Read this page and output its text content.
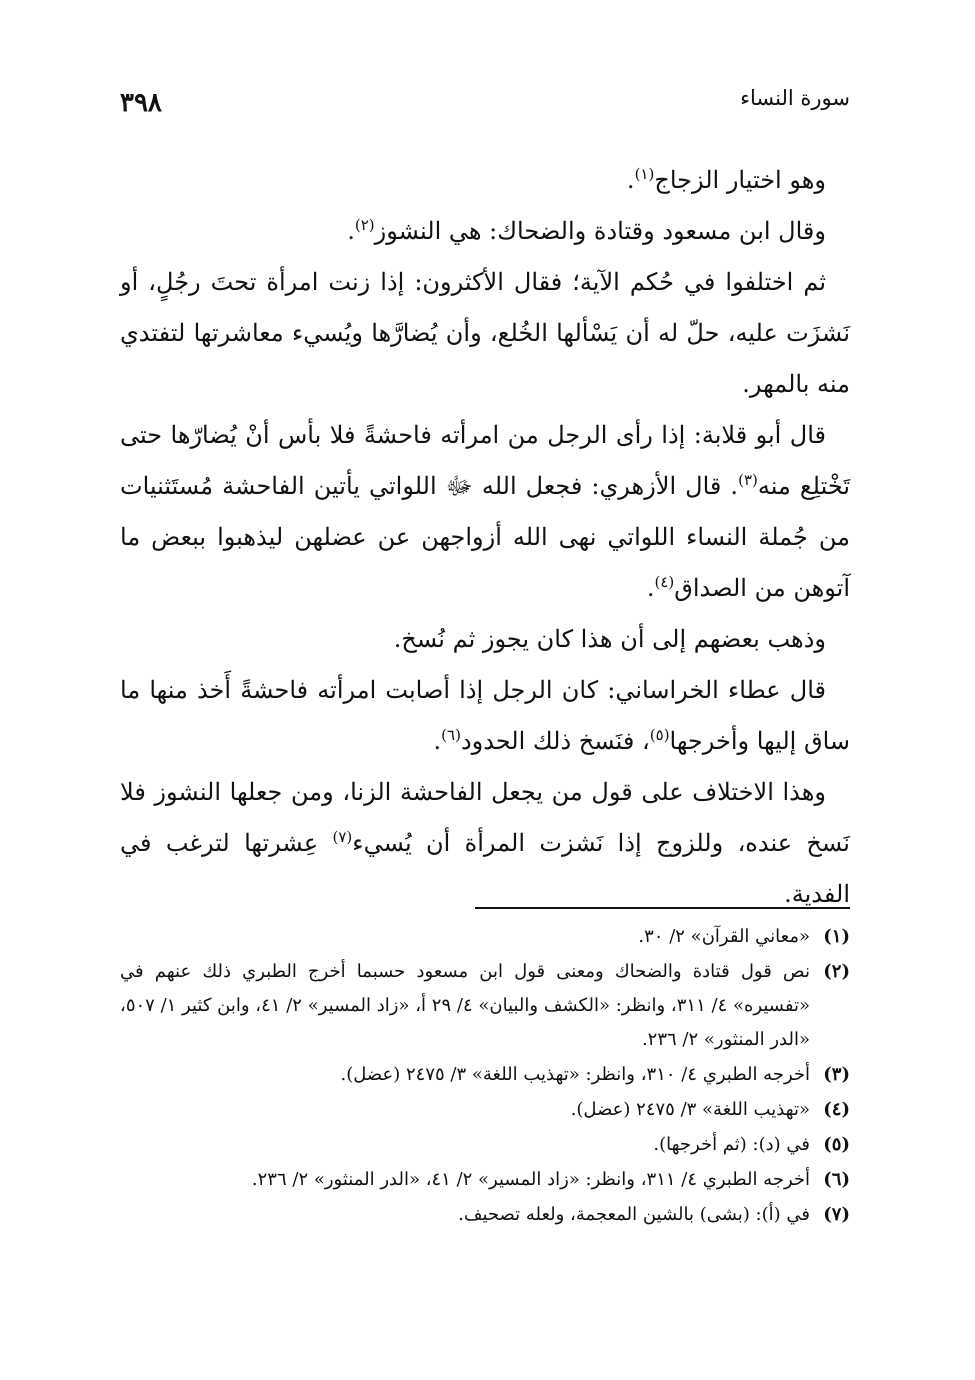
سورة النساء
٣٩٨

وهو اختيار الزجاج$^{(١)}$.

وقال ابن مسعود وقتادة والضحاك: هي النشوز$^{(٢)}$.

ثم اختلفوا في حُكم الآية؛ فقال الأكثرون: إذا زنت امرأة تحتَ رجُلٍ، أو نَشزَت عليه، حلّ له أن يَسْألها الخُلع، وأن يُضارَّها ويُسيء معاشرتها لتفتدي منه بالمهر.

قال أبو قلابة: إذا رأى الرجل من امرأته فاحشةً فلا بأس أنْ يُضارّها حتى تَخْتلِع منه$^{(٣)}$. قال الأزهري: فجعل الله ﷻ اللواتي يأتين الفاحشة مُستَثنيات من جُملة النساء اللواتي نهى الله أزواجهن عن عضلهن ليذهبوا ببعض ما آتوهن من الصداق$^{(٤)}$.

وذهب بعضهم إلى أن هذا كان يجوز ثم نُسخ.

قال عطاء الخراساني: كان الرجل إذا أصابت امرأته فاحشةً أَخذ منها ما ساق إليها وأخرجها$^{(٥)}$، فنَسخ ذلك الحدود$^{(٦)}$.

وهذا الاختلاف على قول من يجعل الفاحشة الزنا، ومن جعلها النشوز فلا نَسخ عنده، وللزوج إذا نَشزت المرأة أن يُسيء$^{(٧)}$ عِشرتها لترغب في الفدية.

(١)
«معاني القرآن» ٢/ ٣٠.
(٢)
نص قول قتادة والضحاك ومعنى قول ابن مسعود حسبما أخرج الطبري ذلك عنهم في «تفسيره» ٤/ ٣١١، وانظر: «الكشف والبيان» ٤/ ٢٩ أ، «زاد المسير» ٢/ ٤١، وابن كثير ١/ ٥٠٧، «الدر المنثور» ٢/ ٢٣٦.
(٣)
أخرجه الطبري ٤/ ٣١٠، وانظر: «تهذيب اللغة» ٣/ ٢٤٧٥ (عضل).
(٤)
«تهذيب اللغة» ٣/ ٢٤٧٥ (عضل).
(٥)
في (د): (ثم أخرجها).
(٦)
أخرجه الطبري ٤/ ٣١١، وانظر: «زاد المسير» ٢/ ٤١، «الدر المنثور» ٢/ ٢٣٦.
(٧)
في (أ): (بشى) بالشين المعجمة، ولعله تصحيف.
